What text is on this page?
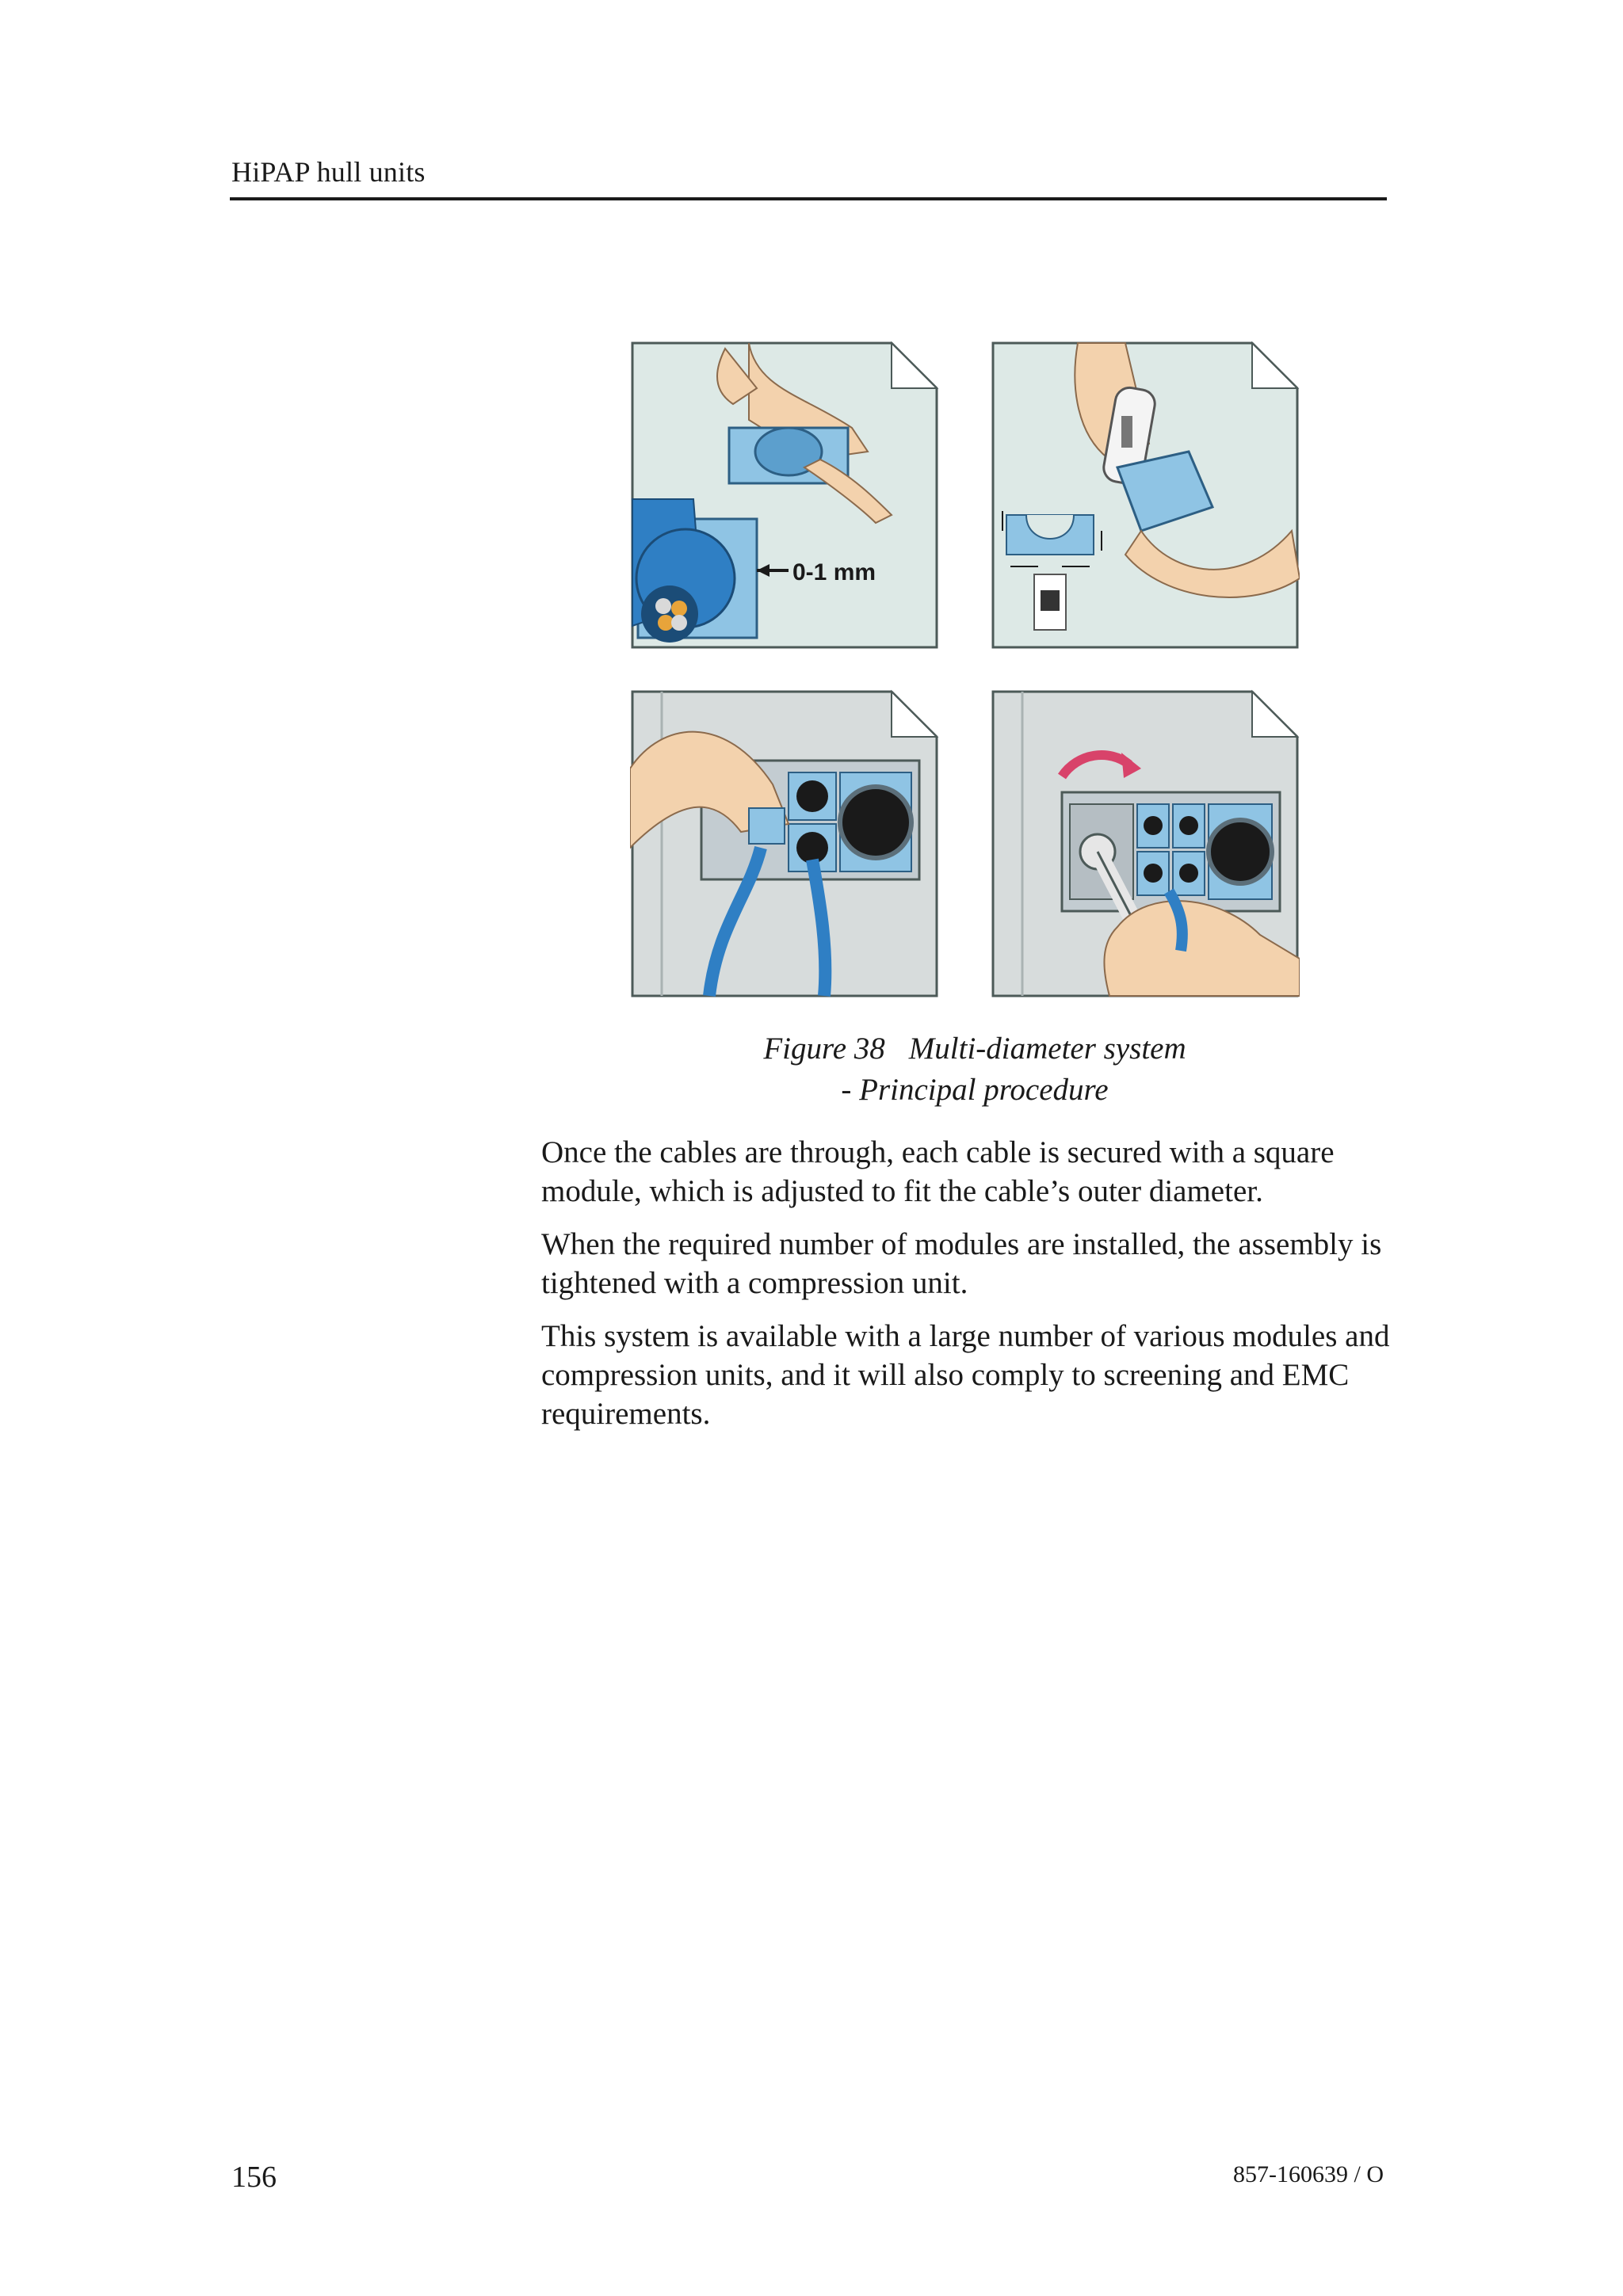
HiPAP hull units
0-1 mm
Figure 38 Multi-diameter system
- Principal procedure

Once the cables are through, each cable is secured with a square module, which is adjusted to fit the cable’s outer diameter.

When the required number of modules are installed, the assembly is tightened with a compression unit.

This system is available with a large number of various modules and compression units, and it will also comply to screening and EMC requirements.

156	857-160639 / O
